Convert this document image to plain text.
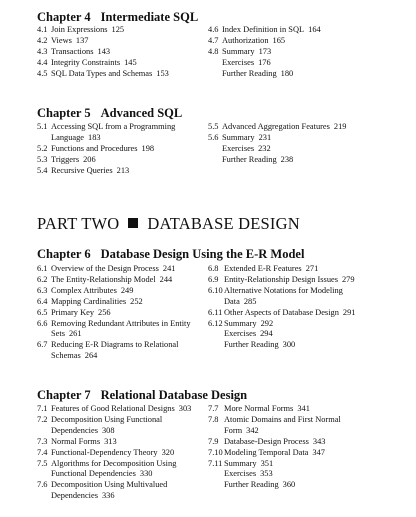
Chapter 4 Intermediate SQL
4.1 Join Expressions 125
4.2 Views 137
4.3 Transactions 143
4.4 Integrity Constraints 145
4.5 SQL Data Types and Schemas 153
4.6 Index Definition in SQL 164
4.7 Authorization 165
4.8 Summary 173
Exercises 176
Further Reading 180
Chapter 5 Advanced SQL
5.1 Accessing SQL from a Programming
Language 183
5.2 Functions and Procedures 198
5.3 Triggers 206
5.4 Recursive Queries 213
5.5 Advanced Aggregation Features 219
5.6 Summary 231
Exercises 232
Further Reading 238
PART TWO DATABASE DESIGN
Chapter 6 Database Design Using the E-R Model
6.1 Overview of the Design Process 241
6.2 The Entity-Relationship Model 244
6.3 Complex Attributes 249
6.4 Mapping Cardinalities 252
6.5 Primary Key 256
6.6 Removing Redundant Attributes in Entity
Sets 261
6.7 Reducing E-R Diagrams to Relational
Schemas 264
6.8 Extended E-R Features 271
6.9 Entity-Relationship Design Issues 279
6.10 Alternative Notations for Modeling
Data 285
6.11 Other Aspects of Database Design 291
6.12 Summary 292
Exercises 294
Further Reading 300
Chapter 7 Relational Database Design
7.1 Features of Good Relational Designs 303
7.2 Decomposition Using Functional
Dependencies 308
7.3 Normal Forms 313
7.4 Functional-Dependency Theory 320
7.5 Algorithms for Decomposition Using
Functional Dependencies 330
7.6 Decomposition Using Multivalued
Dependencies 336
7.7 More Normal Forms 341
7.8 Atomic Domains and First Normal
Form 342
7.9 Database-Design Process 343
7.10 Modeling Temporal Data 347
7.11 Summary 351
Exercises 353
Further Reading 360
